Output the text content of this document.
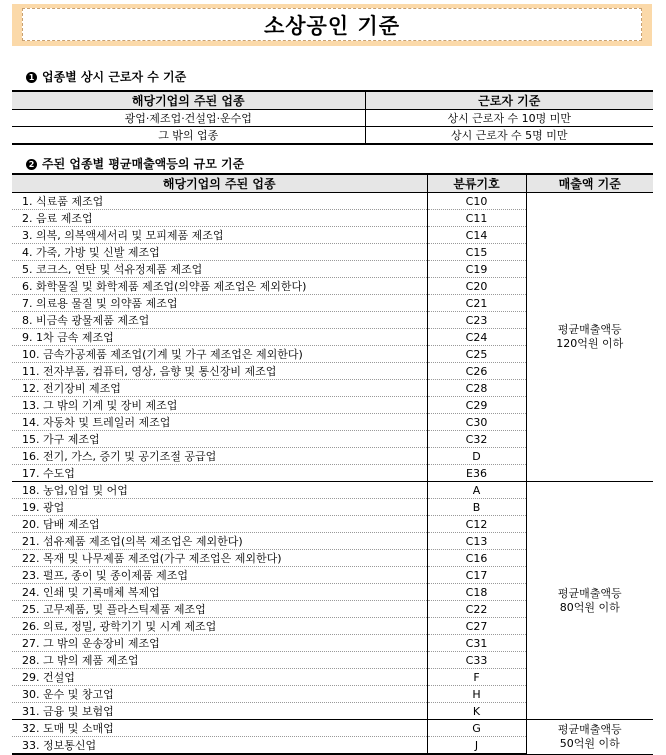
소상공인 기준
1 업종별 상시 근로자 수 기준
해당기업의 주된 업종	근로자 기준
광업·제조업·건설업·운수업	상시 근로자 수 10명 미만
그 밖의 업종	상시 근로자 수 5명 미만
2 주된 업종별 평균매출액등의 규모 기준
해당기업의 주된 업종	분류기호	매출액 기준
1. 식료품 제조업	C10	평균매출액등
120억원 이하
2. 음료 제조업	C11	
3. 의복, 의복액세서리 및 모피제품 제조업	C14	
4. 가죽, 가방 및 신발 제조업	C15	
5. 코크스, 연탄 및 석유정제품 제조업	C19	
6. 화학물질 및 화학제품 제조업(의약품 제조업은 제외한다)	C20	
7. 의료용 물질 및 의약품 제조업	C21	
8. 비금속 광물제품 제조업	C23	
9. 1차 금속 제조업	C24	
10. 금속가공제품 제조업(기계 및 가구 제조업은 제외한다)	C25	
11. 전자부품, 컴퓨터, 영상, 음향 및 통신장비 제조업	C26	
12. 전기장비 제조업	C28	
13. 그 밖의 기계 및 장비 제조업	C29	
14. 자동차 및 트레일러 제조업	C30	
15. 가구 제조업	C32	
16. 전기, 가스, 증기 및 공기조절 공급업	D	
17. 수도업	E36	
18. 농업,임업 및 어업	A	평균매출액등
80억원 이하
19. 광업	B	
20. 담배 제조업	C12	
21. 섬유제품 제조업(의복 제조업은 제외한다)	C13	
22. 목재 및 나무제품 제조업(가구 제조업은 제외한다)	C16	
23. 펄프, 종이 및 종이제품 제조업	C17	
24. 인쇄 및 기록매체 복제업	C18	
25. 고무제품, 및 플라스틱제품 제조업	C22	
26. 의료, 정밀, 광학기기 및 시계 제조업	C27	
27. 그 밖의 운송장비 제조업	C31	
28. 그 밖의 제품 제조업	C33	
29. 건설업	F	
30. 운수 및 창고업	H	
31. 금융 및 보험업	K	
32. 도매 및 소매업	G	평균매출액등
50억원 이하
33. 정보통신업	J	
